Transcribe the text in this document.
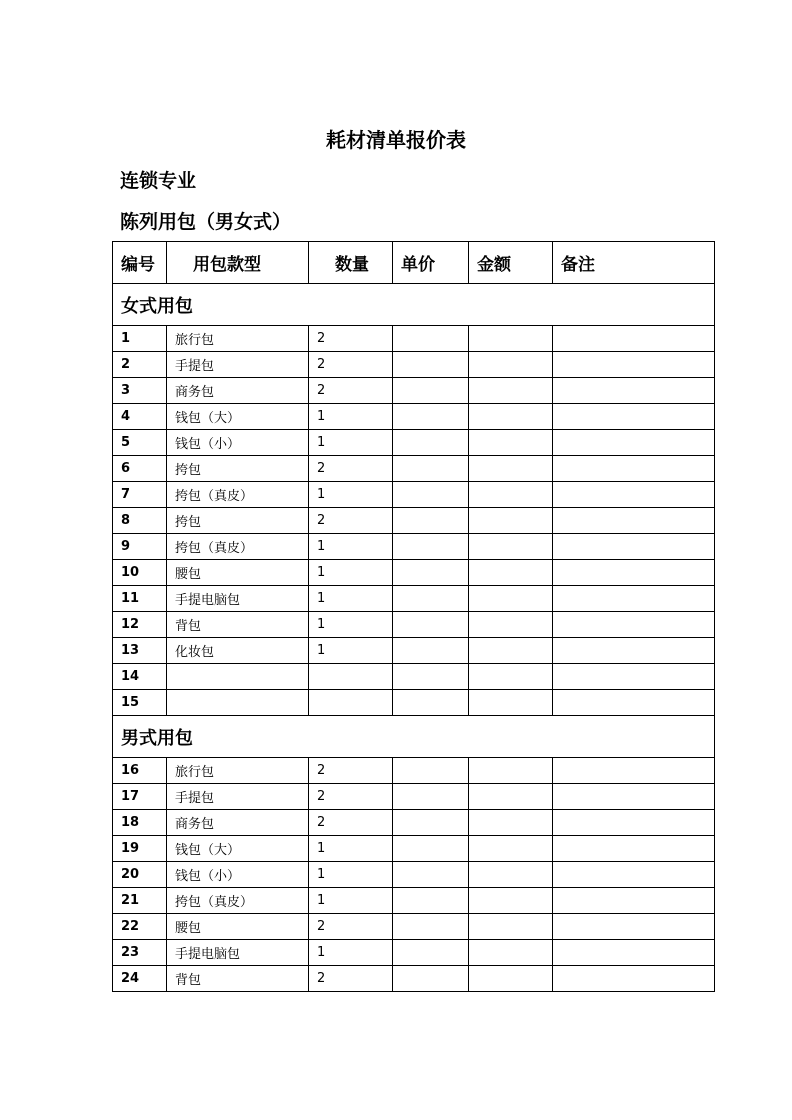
耗材清单报价表
连锁专业
陈列用包（男女式）
编号	用包款型	数量	单价	金额	备注
女式用包					
1	旅行包	2			
2	手提包	2			
3	商务包	2			
4	钱包（大）	1			
5	钱包（小）	1			
6	挎包	2			
7	挎包（真皮）	1			
8	挎包	2			
9	挎包（真皮）	1			
10	腰包	1			
11	手提电脑包	1			
12	背包	1			
13	化妆包	1			
14					
15					
男式用包					
16	旅行包	2			
17	手提包	2			
18	商务包	2			
19	钱包（大）	1			
20	钱包（小）	1			
21	挎包（真皮）	1			
22	腰包	2			
23	手提电脑包	1			
24	背包	2			
